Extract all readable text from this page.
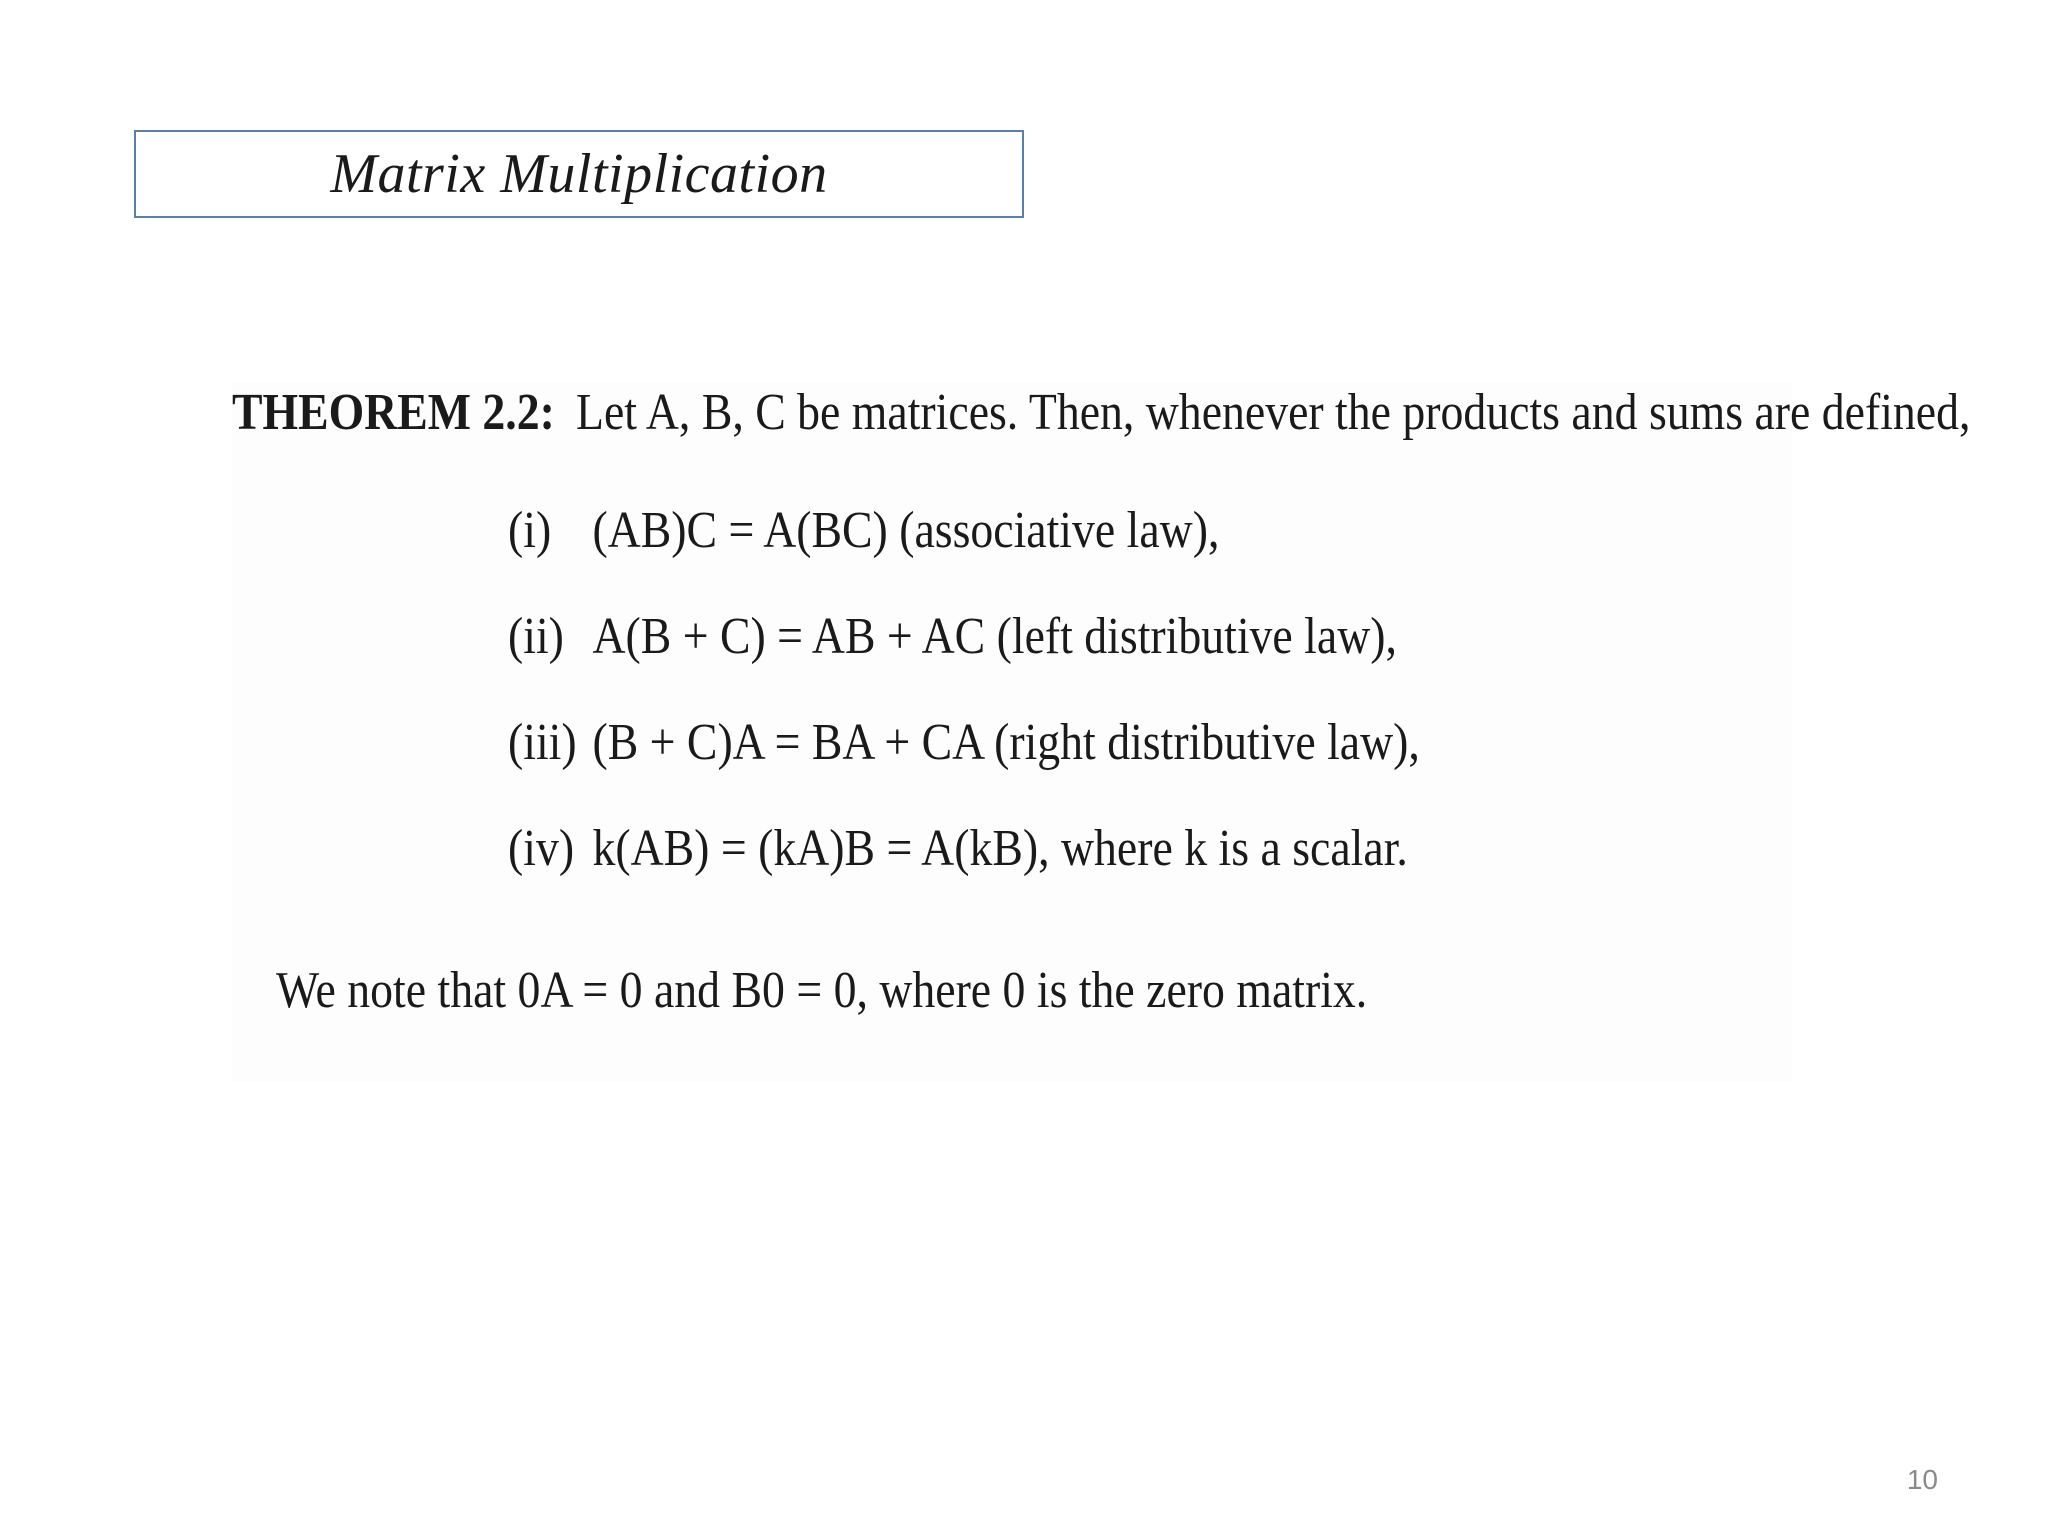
Matrix Multiplication
THEOREM 2.2: Let A, B, C be matrices. Then, whenever the products and sums are defined,
(i) (AB)C = A(BC) (associative law),
(ii) A(B + C) = AB + AC (left distributive law),
(iii) (B + C)A = BA + CA (right distributive law),
(iv) k(AB) = (kA)B = A(kB), where k is a scalar.
We note that 0A = 0 and B0 = 0, where 0 is the zero matrix.
10
